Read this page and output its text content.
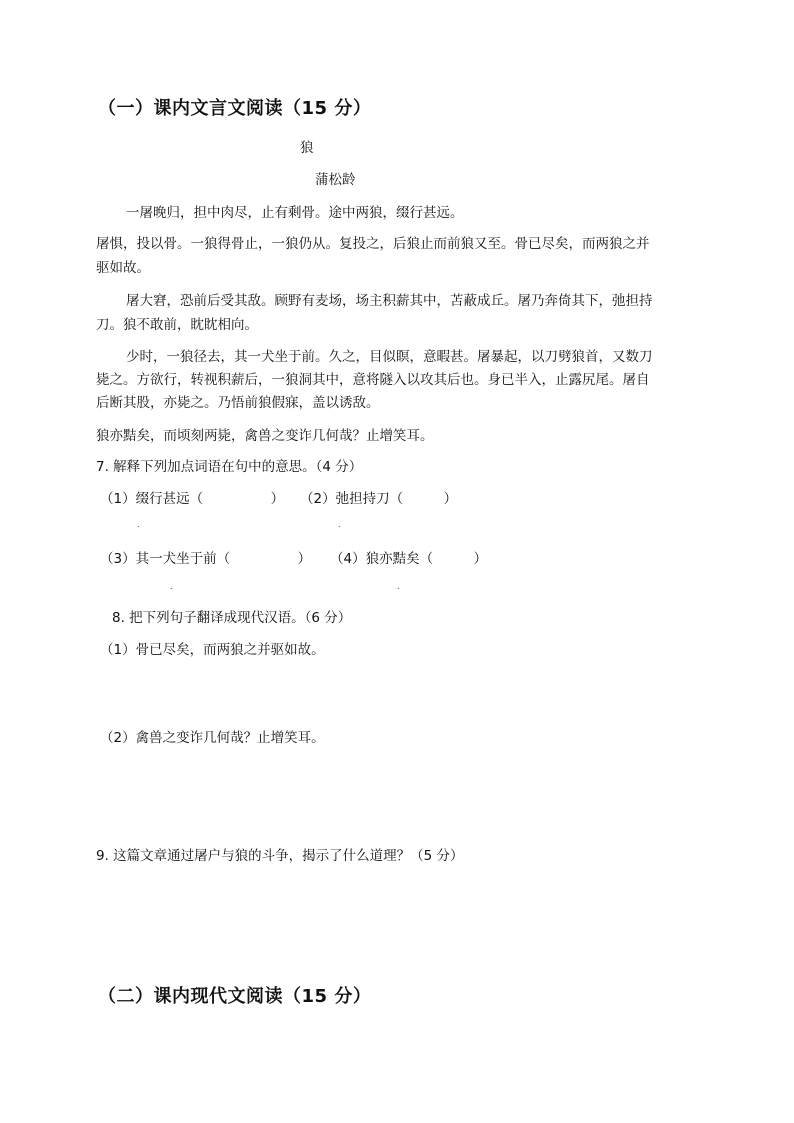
（一）课内文言文阅读（15 分）
狼
蒲松龄
一屠晚归，担中肉尽，止有剩骨。途中两狼，缀行甚远。
屠惧，投以骨。一狼得骨止，一狼仍从。复投之，后狼止而前狼又至。骨已尽矣，而两狼之并
驱如故。
屠大窘，恐前后受其敌。顾野有麦场，场主积薪其中，苫蔽成丘。屠乃奔倚其下，弛担持
刀。狼不敢前，眈眈相向。
少时，一狼径去，其一犬坐于前。久之，目似瞑，意暇甚。屠暴起，以刀劈狼首，又数刀
毙之。方欲行，转视积薪后，一狼洞其中，意将隧入以攻其后也。身已半入，止露尻尾。屠自
后断其股，亦毙之。乃悟前狼假寐，盖以诱敌。
狼亦黠矣，而顷刻两毙，禽兽之变诈几何哉？止增笑耳。
7. 解释下列加点词语在句中的意思。（4 分）
（1）缀行甚远（　　　　　） （2）弛担持刀（　　　）
.	.
（3）其一犬坐于前（　　　　　） （4）狼亦黠矣（　　　）
.	.
8. 把下列句子翻译成现代汉语。（6 分）
（1）骨已尽矣，而两狼之并驱如故。
（2）禽兽之变诈几何哉？止增笑耳。
9. 这篇文章通过屠户与狼的斗争，揭示了什么道理？（5 分）
（二）课内现代文阅读（15 分）
